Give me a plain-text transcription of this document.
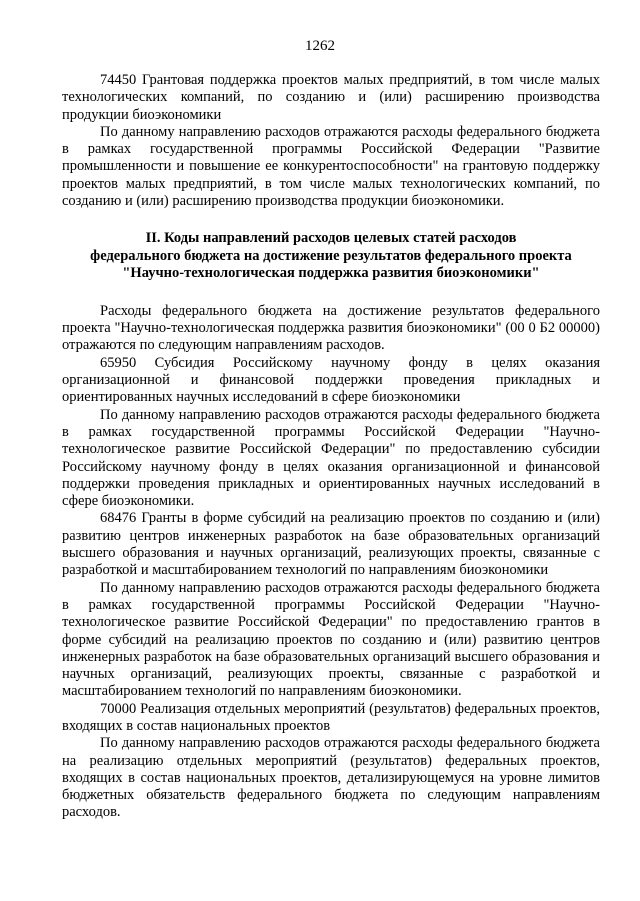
1262

74450 Грантовая поддержка проектов малых предприятий, в том числе малых технологических компаний, по созданию и (или) расширению производства продукции биоэкономики

По данному направлению расходов отражаются расходы федерального бюджета в рамках государственной программы Российской Федерации "Развитие промышленности и повышение ее конкурентоспособности" на грантовую поддержку проектов малых предприятий, в том числе малых технологических компаний, по созданию и (или) расширению производства продукции биоэкономики.

II. Коды направлений расходов целевых статей расходов
федерального бюджета на достижение результатов федерального проекта
"Научно-технологическая поддержка развития биоэкономики"

Расходы федерального бюджета на достижение результатов федерального проекта "Научно-технологическая поддержка развития биоэкономики" (00 0 Б2 00000) отражаются по следующим направлениям расходов.

65950 Субсидия Российскому научному фонду в целях оказания организационной и финансовой поддержки проведения прикладных и ориентированных научных исследований в сфере биоэкономики

По данному направлению расходов отражаются расходы федерального бюджета в рамках государственной программы Российской Федерации "Научно-технологическое развитие Российской Федерации" по предоставлению субсидии Российскому научному фонду в целях оказания организационной и финансовой поддержки проведения прикладных и ориентированных научных исследований в сфере биоэкономики.

68476 Гранты в форме субсидий на реализацию проектов по созданию и (или) развитию центров инженерных разработок на базе образовательных организаций высшего образования и научных организаций, реализующих проекты, связанные с разработкой и масштабированием технологий по направлениям биоэкономики

По данному направлению расходов отражаются расходы федерального бюджета в рамках государственной программы Российской Федерации "Научно-технологическое развитие Российской Федерации" по предоставлению грантов в форме субсидий на реализацию проектов по созданию и (или) развитию центров инженерных разработок на базе образовательных организаций высшего образования и научных организаций, реализующих проекты, связанные с разработкой и масштабированием технологий по направлениям биоэкономики.

70000 Реализация отдельных мероприятий (результатов) федеральных проектов, входящих в состав национальных проектов

По данному направлению расходов отражаются расходы федерального бюджета на реализацию отдельных мероприятий (результатов) федеральных проектов, входящих в состав национальных проектов, детализирующемуся на уровне лимитов бюджетных обязательств федерального бюджета по следующим направлениям расходов.
